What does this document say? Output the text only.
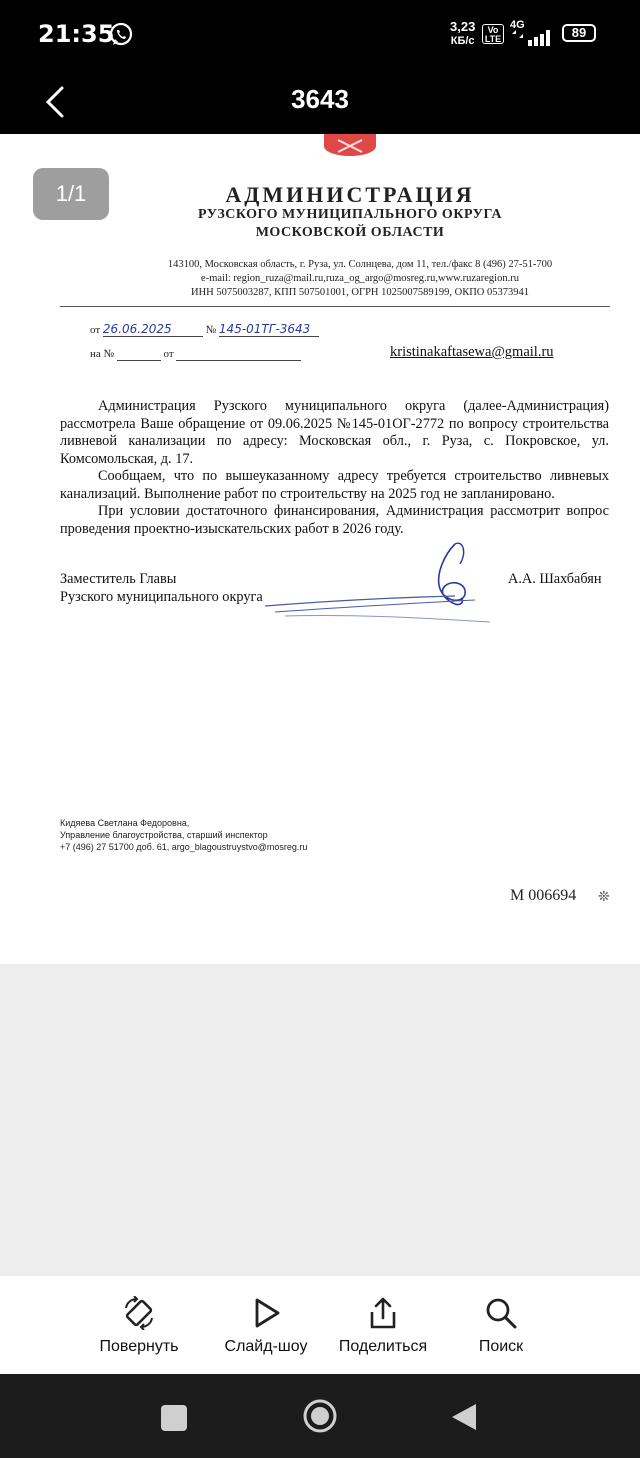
21:35	3,23
КБ/с
Vo
LTE
4G	89
3643
АДМИНИСТРАЦИЯ
РУЗСКОГО МУНИЦИПАЛЬНОГО ОКРУГА
МОСКОВСКОЙ ОБЛАСТИ
143100, Московская область, г. Руза, ул. Солнцева, дом 11, тел./факс 8 (496) 27-51-700
e-mail: region_ruza@mail.ru,ruza_og_argo@mosreg.ru,www.ruzaregion.ru
ИНН 5075003287, КПП 507501001, ОГРН 1025007589199, ОКПО 05373941
от 26.06.2025	№ 145-01ТГ-3643
на №	от	kristinakaftasewa@gmail.ru

Администрация Рузского муниципального округа (далее-Администрация) рассмотрела Ваше обращение от 09.06.2025 №145-01ОГ-2772 по вопросу строительства ливневой канализации по адресу: Московская обл., г. Руза, с. Покровское, ул. Комсомольская, д. 17.

Сообщаем, что по вышеуказанному адресу требуется строительство ливневых канализаций. Выполнение работ по строительству на 2025 год не запланировано.

При условии достаточного финансирования, Администрация рассмотрит вопрос проведения проектно-изыскательских работ в 2026 году.

Заместитель Главы
Рузского муниципального округа
А.А. Шахбабян
Кидяева Светлана Федоровна,
Управление благоустройства, старший инспектор
+7 (496) 27 51700 доб. 61, argo_blagoustruystvo@mosreg.ru
М 006694 ❊
1/1
Повернуть	Слайд-шоу	Поделиться	Поиск
